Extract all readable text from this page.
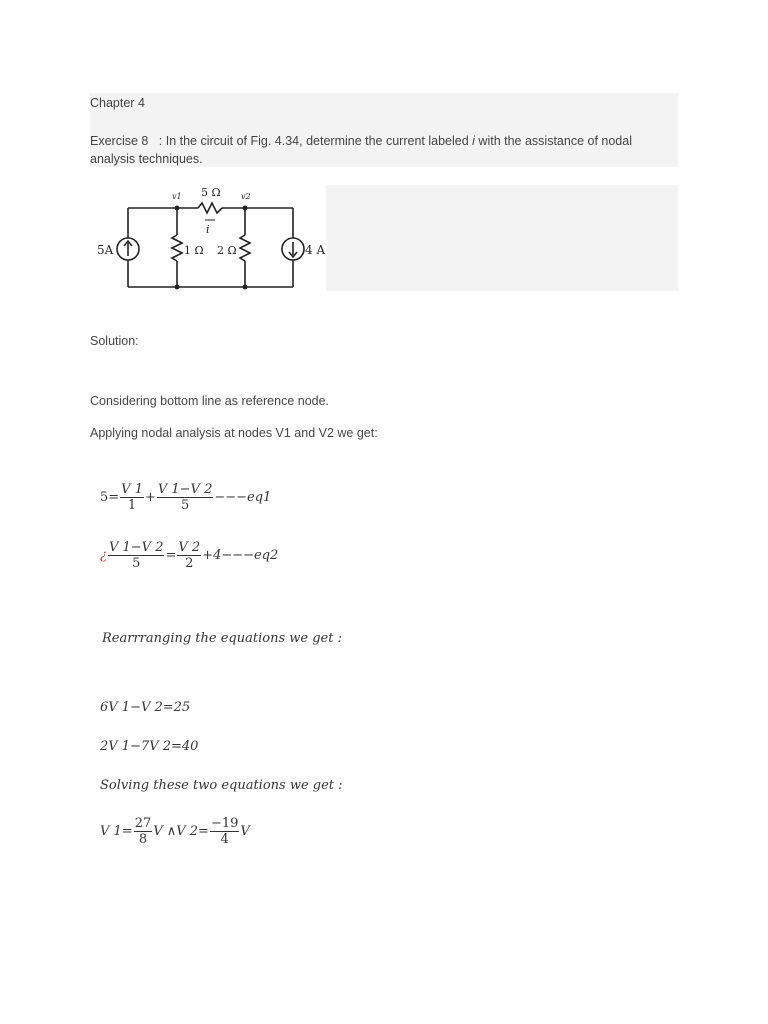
Chapter 4
Exercise 8 : In the circuit of Fig. 4.34, determine the current labeled i with the assistance of nodal
analysis techniques.
5A
5 Ω
v1	v2
i
1 Ω 2 Ω	4 A
Solution:
Considering bottom line as reference node.
Applying nodal analysis at nodes V1 and V2 we get:
$5= \frac{V 1}{1} + \frac{V 1-V 2}{5} ---eq1$
¿ $\frac{V 1-V 2}{5} = \frac{V 2}{2} +4---eq2$
Rearrranging the equations we get :
6V 1−V 2=25
2V 1−7V 2=40
Solving these two equations we get :
V $1= \frac{27}{8}$ V ∧V $2= \frac{-19}{4}$ V
